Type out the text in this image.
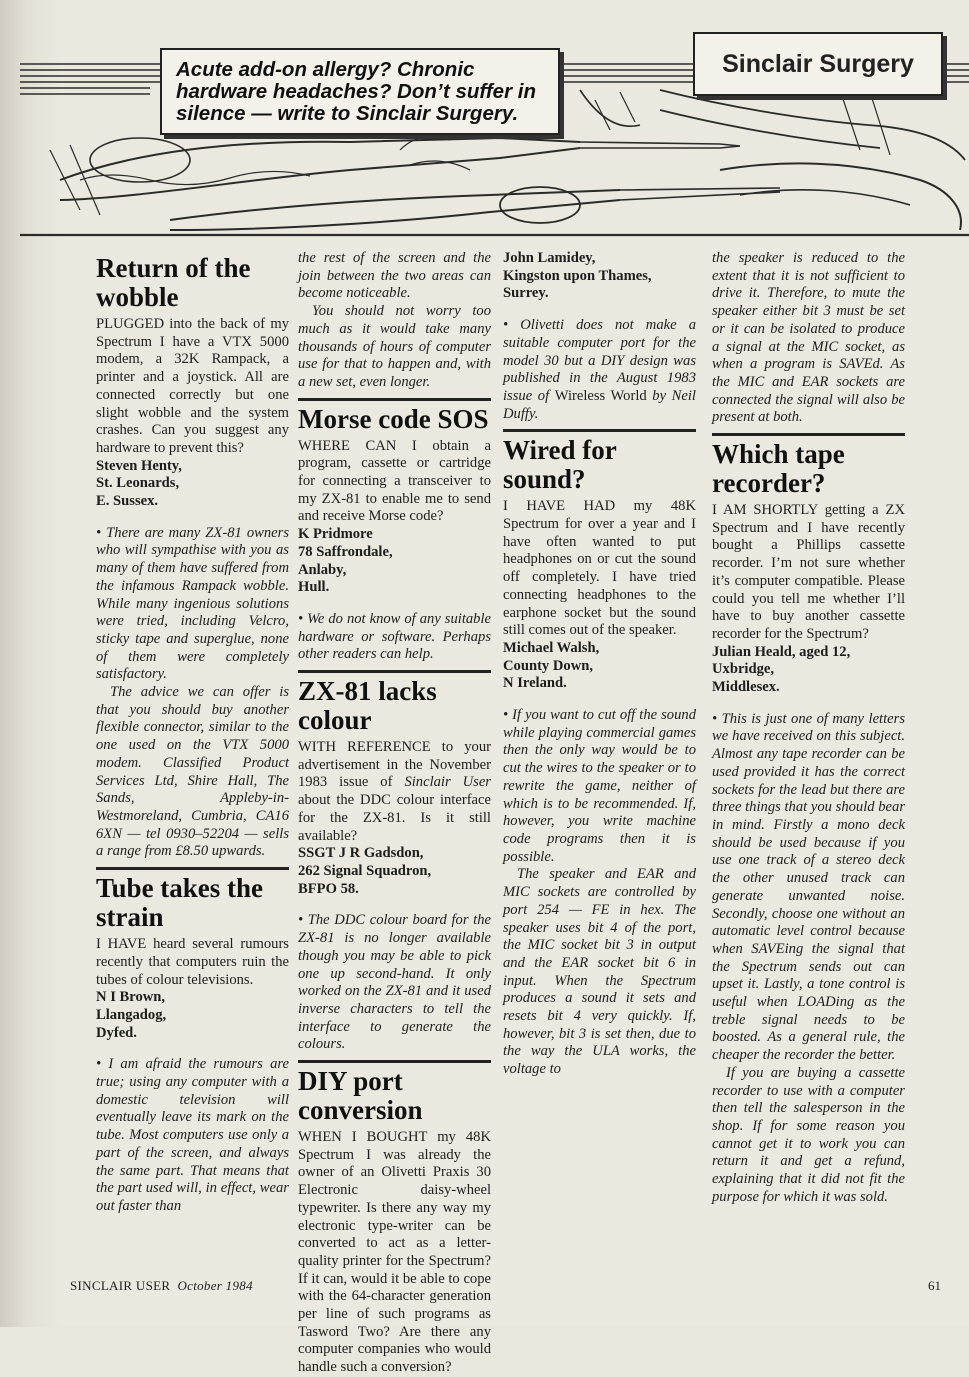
Acute add-on allergy? Chronic hardware headaches? Don’t suffer in silence — write to Sinclair Surgery.
Sinclair Surgery
Return of the wobble

PLUGGED into the back of my Spectrum I have a VTX 5000 modem, a 32K Rampack, a printer and a joystick. All are connected correctly but one slight wobble and the system crashes. Can you suggest any hardware to prevent this?

Steven Henty,
St. Leonards,
E. Sussex.

• There are many ZX-81 owners who will sympathise with you as many of them have suffered from the infamous Rampack wobble. While many ingenious solutions were tried, including Velcro, sticky tape and superglue, none of them were completely satisfactory.

The advice we can offer is that you should buy another flexible connector, similar to the one used on the VTX 5000 modem. Classified Product Services Ltd, Shire Hall, The Sands, Appleby-in-Westmoreland, Cumbria, CA16 6XN — tel 0930–52204 — sells a range from £8.50 upwards.

Tube takes the strain

I HAVE heard several rumours recently that computers ruin the tubes of colour televisions.

N I Brown,
Llangadog,
Dyfed.

• I am afraid the rumours are true; using any computer with a domestic television will eventually leave its mark on the tube. Most computers use only a part of the screen, and always the same part. That means that the part used will, in effect, wear out faster than

the rest of the screen and the join between the two areas can become noticeable.

You should not worry too much as it would take many thousands of hours of computer use for that to happen and, with a new set, even longer.

Morse code SOS

WHERE CAN I obtain a program, cassette or cartridge for connecting a transceiver to my ZX-81 to enable me to send and receive Morse code?

K Pridmore
78 Saffrondale,
Anlaby,
Hull.

• We do not know of any suitable hardware or software. Perhaps other readers can help.

ZX-81 lacks colour

WITH REFERENCE to your advertisement in the November 1983 issue of Sinclair User about the DDC colour interface for the ZX-81. Is it still available?

SSGT J R Gadsdon,
262 Signal Squadron,
BFPO 58.

• The DDC colour board for the ZX-81 is no longer available though you may be able to pick one up second-hand. It only worked on the ZX-81 and it used inverse characters to tell the interface to generate the colours.

DIY port conversion

WHEN I BOUGHT my 48K Spectrum I was already the owner of an Olivetti Praxis 30 Electronic daisy-wheel typewriter. Is there any way my electronic type-writer can be converted to act as a letter-quality printer for the Spectrum? If it can, would it be able to cope with the 64-character generation per line of such programs as Tasword Two? Are there any computer companies who would handle such a conversion?

John Lamidey,
Kingston upon Thames,
Surrey.

• Olivetti does not make a suitable computer port for the model 30 but a DIY design was published in the August 1983 issue of Wireless World by Neil Duffy.

Wired for sound?

I HAVE HAD my 48K Spectrum for over a year and I have often wanted to put headphones on or cut the sound off completely. I have tried connecting headphones to the earphone socket but the sound still comes out of the speaker.

Michael Walsh,
County Down,
N Ireland.

• If you want to cut off the sound while playing commercial games then the only way would be to cut the wires to the speaker or to rewrite the game, neither of which is to be recommended. If, however, you write machine code programs then it is possible.

The speaker and EAR and MIC sockets are controlled by port 254 — FE in hex. The speaker uses bit 4 of the port, the MIC socket bit 3 in output and the EAR socket bit 6 in input. When the Spectrum produces a sound it sets and resets bit 4 very quickly. If, however, bit 3 is set then, due to the way the ULA works, the voltage to

the speaker is reduced to the extent that it is not sufficient to drive it. Therefore, to mute the speaker either bit 3 must be set or it can be isolated to produce a signal at the MIC socket, as when a program is SAVEd. As the MIC and EAR sockets are connected the signal will also be present at both.

Which tape recorder?

I AM SHORTLY getting a ZX Spectrum and I have recently bought a Phillips cassette recorder. I’m not sure whether it’s computer compatible. Please could you tell me whether I’ll have to buy another cassette recorder for the Spectrum?

Julian Heald, aged 12,
Uxbridge,
Middlesex.

• This is just one of many letters we have received on this subject. Almost any tape recorder can be used provided it has the correct sockets for the lead but there are three things that you should bear in mind. Firstly a mono deck should be used because if you use one track of a stereo deck the other unused track can generate unwanted noise. Secondly, choose one without an automatic level control because when SAVEing the signal that the Spectrum sends out can upset it. Lastly, a tone control is useful when LOADing as the treble signal needs to be boosted. As a general rule, the cheaper the recorder the better.

If you are buying a cassette recorder to use with a computer then tell the salesperson in the shop. If for some reason you cannot get it to work you can return it and get a refund, explaining that it did not fit the purpose for which it was sold.

SINCLAIR USER October 1984	61
